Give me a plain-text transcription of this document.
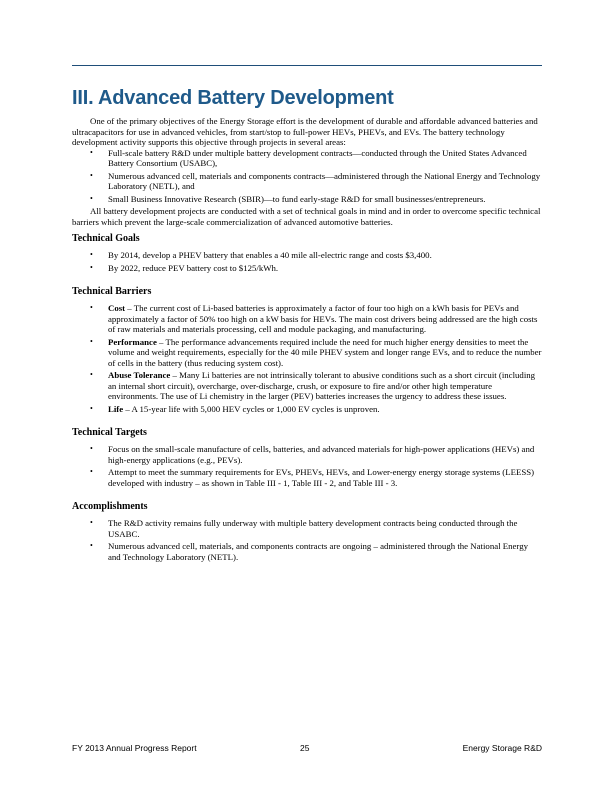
III. Advanced Battery Development

One of the primary objectives of the Energy Storage effort is the development of durable and affordable advanced batteries and ultracapacitors for use in advanced vehicles, from start/stop to full-power HEVs, PHEVs, and EVs. The battery technology development activity supports this objective through projects in several areas:

• Full-scale battery R&D under multiple battery development contracts—conducted through the United States Advanced Battery Consortium (USABC),
• Numerous advanced cell, materials and components contracts—administered through the National Energy and Technology Laboratory (NETL), and
• Small Business Innovative Research (SBIR)—to fund early-stage R&D for small businesses/entrepreneurs.

All battery development projects are conducted with a set of technical goals in mind and in order to overcome specific technical barriers which prevent the large-scale commercialization of advanced automotive batteries.

Technical Goals
• By 2014, develop a PHEV battery that enables a 40 mile all-electric range and costs $3,400.
• By 2022, reduce PEV battery cost to $125/kWh.
Technical Barriers
• Cost – The current cost of Li-based batteries is approximately a factor of four too high on a kWh basis for PEVs and approximately a factor of 50% too high on a kW basis for HEVs. The main cost drivers being addressed are the high costs of raw materials and materials processing, cell and module packaging, and manufacturing.
• Performance – The performance advancements required include the need for much higher energy densities to meet the volume and weight requirements, especially for the 40 mile PHEV system and longer range EVs, and to reduce the number of cells in the battery (thus reducing system cost).
• Abuse Tolerance – Many Li batteries are not intrinsically tolerant to abusive conditions such as a short circuit (including an internal short circuit), overcharge, over-discharge, crush, or exposure to fire and/or other high temperature environments. The use of Li chemistry in the larger (PEV) batteries increases the urgency to address these issues.
• Life – A 15-year life with 5,000 HEV cycles or 1,000 EV cycles is unproven.
Technical Targets
• Focus on the small-scale manufacture of cells, batteries, and advanced materials for high-power applications (HEVs) and high-energy applications (e.g., PEVs).
• Attempt to meet the summary requirements for EVs, PHEVs, HEVs, and Lower-energy energy storage systems (LEESS) developed with industry – as shown in Table III - 1, Table III - 2, and Table III - 3.
Accomplishments
• The R&D activity remains fully underway with multiple battery development contracts being conducted through the USABC.
• Numerous advanced cell, materials, and components contracts are ongoing – administered through the National Energy and Technology Laboratory (NETL).
FY 2013 Annual Progress Report	25	Energy Storage R&D
